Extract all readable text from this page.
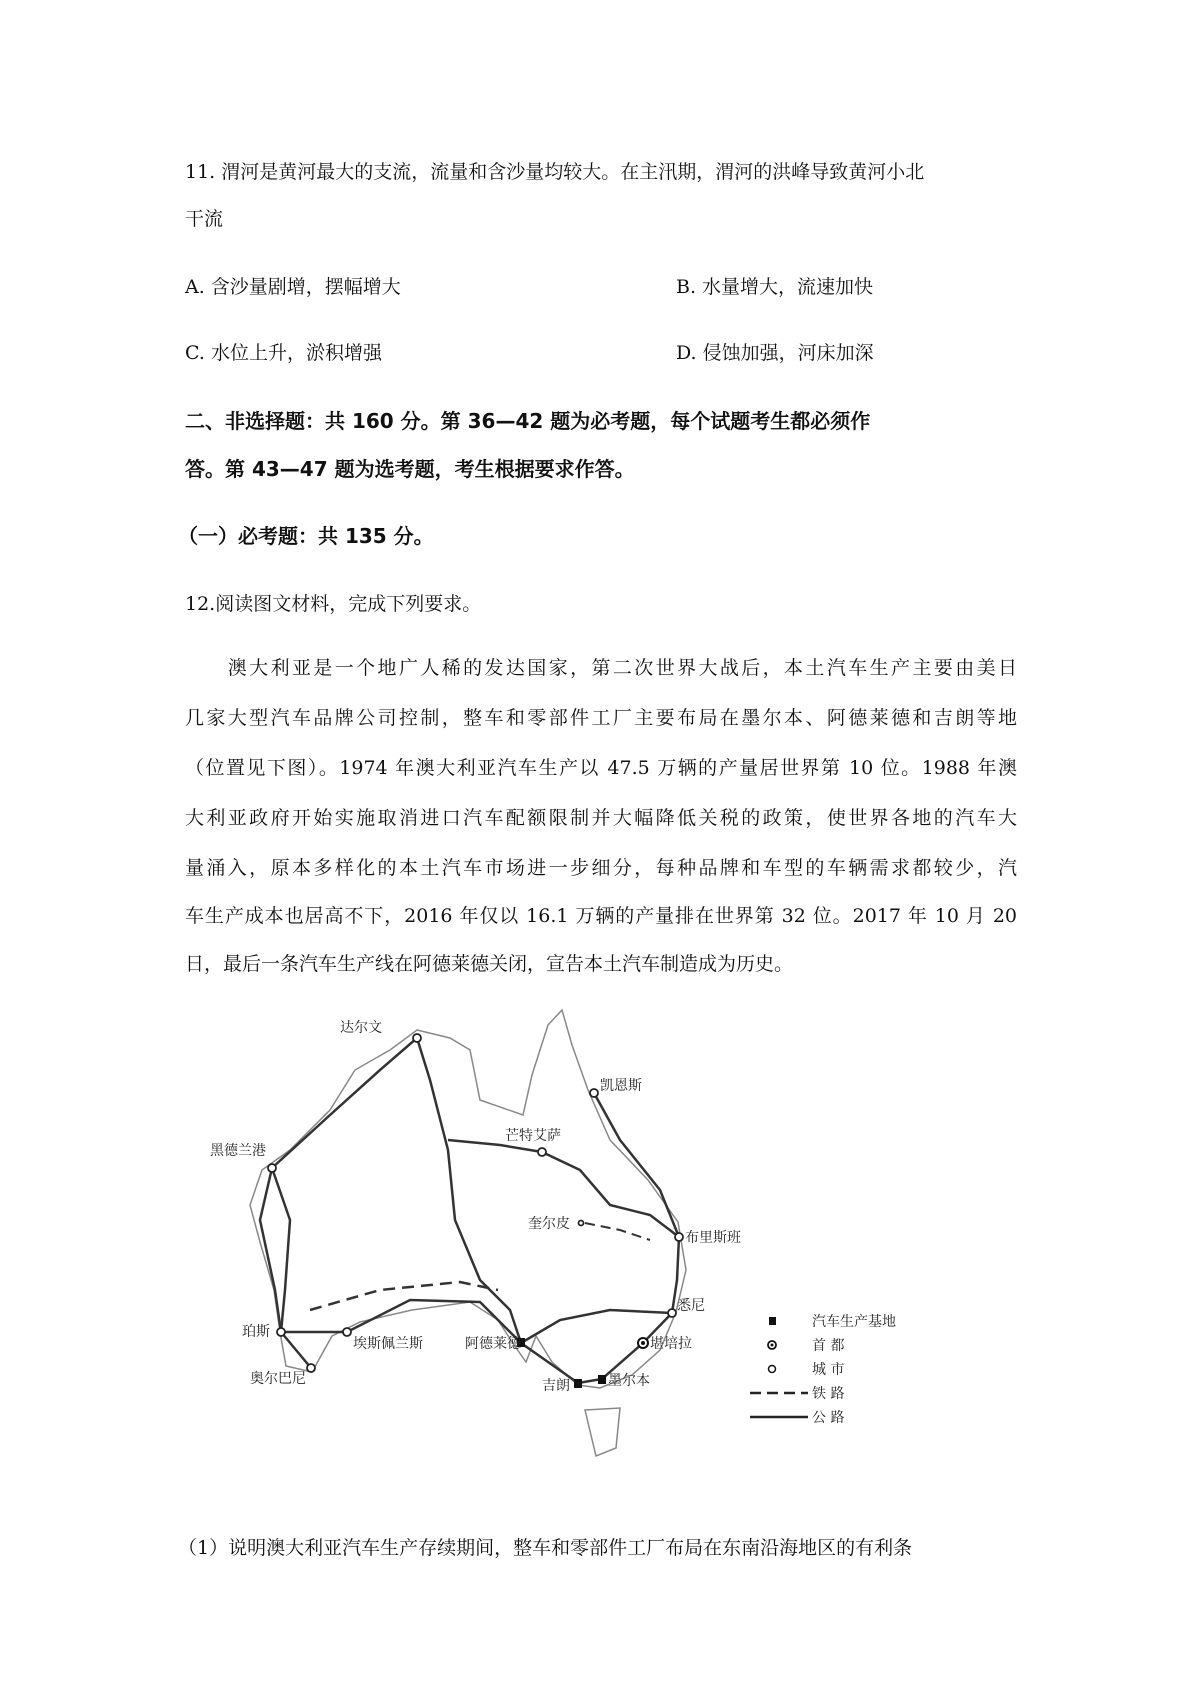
11. 渭河是黄河最大的支流，流量和含沙量均较大。在主汛期，渭河的洪峰导致黄河小北
干流
A. 含沙量剧增，摆幅增大	B. 水量增大，流速加快
C. 水位上升，淤积增强	D. 侵蚀加强，河床加深
二、非选择题：共 160 分。第 36—42 题为必考题，每个试题考生都必须作
答。第 43—47 题为选考题，考生根据要求作答。
（一）必考题：共 135 分。
12.阅读图文材料，完成下列要求。
　　澳大利亚是一个地广人稀的发达国家，第二次世界大战后，本土汽车生产主要由美日
几家大型汽车品牌公司控制，整车和零部件工厂主要布局在墨尔本、阿德莱德和吉朗等地
（位置见下图）。1974 年澳大利亚汽车生产以 47.5 万辆的产量居世界第 10 位。1988 年澳
大利亚政府开始实施取消进口汽车配额限制并大幅降低关税的政策，使世界各地的汽车大
量涌入，原本多样化的本土汽车市场进一步细分，每种品牌和车型的车辆需求都较少，汽
车生产成本也居高不下，2016 年仅以 16.1 万辆的产量排在世界第 32 位。2017 年 10 月 20
日，最后一条汽车生产线在阿德莱德关闭，宣告本土汽车制造成为历史。
达尔文
凯恩斯
芒特艾萨
黑德兰港
奎尔皮
布里斯班
悉尼
堪培拉
墨尔本
吉朗
阿德莱德
珀斯
埃斯佩兰斯
奥尔巴尼
汽车生产基地
首 都
城 市
铁 路
公 路
（1）说明澳大利亚汽车生产存续期间，整车和零部件工厂布局在东南沿海地区的有利条
